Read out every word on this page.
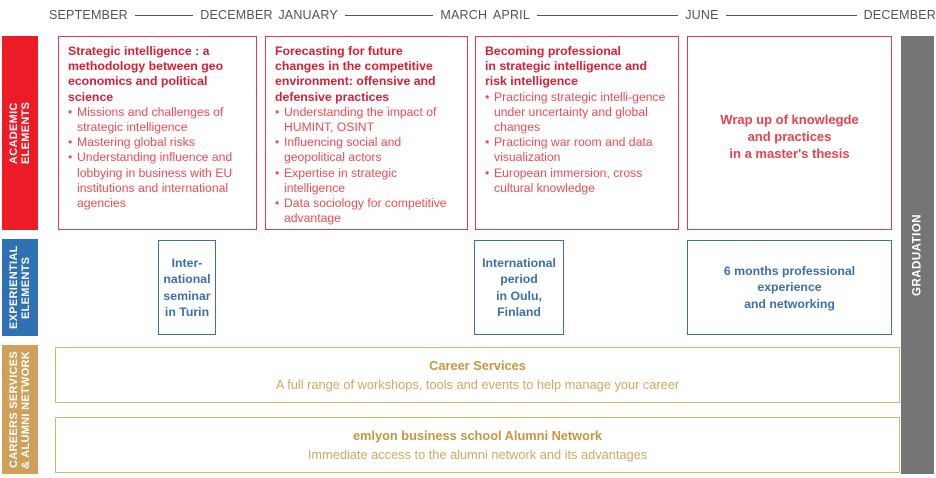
SEPTEMBER	DECEMBER JANUARY	MARCH APRIL	JUNE	DECEMBER
ACADEMIC ELEMENTS
EXPERIENTIAL ELEMENTS
CAREERS SERVICES & ALUMNI NETWORK
GRADUATION
Strategic intelligence : a
methodology between geo
economics and political
science
• Missions and challenges of strategic intelligence
• Mastering global risks
• Understanding influence and lobbying in business with EU institutions and international agencies
Forecasting for future
changes in the competitive
environment: offensive and
defensive practices
• Understanding the impact of HUMINT, OSINT
• Influencing social and geopolitical actors
• Expertise in strategic intelligence
• Data sociology for competitive advantage
Becoming professional
in strategic intelligence and
risk intelligence
• Practicing strategic intelli-gence under uncertainty and global changes
• Practicing war room and data visualization
• European immersion, cross cultural knowledge
Wrap up of knowlegde
and practices
in a master's thesis
Inter-
national
seminar
in Turin
International
period
in Oulu,
Finland
6 months professional
experience
and networking
Career Services
A full range of workshops, tools and events to help manage your career
emlyon business school Alumni Network
Immediate access to the alumni network and its advantages
